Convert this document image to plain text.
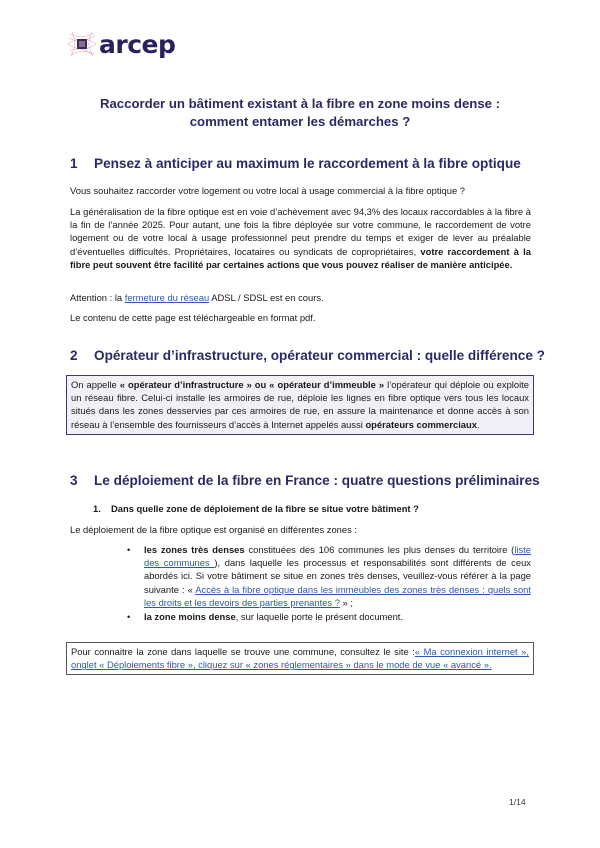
arcep
Raccorder un bâtiment existant à la fibre en zone moins dense : comment entamer les démarches ?
1 Pensez à anticiper au maximum le raccordement à la fibre optique

Vous souhaitez raccorder votre logement ou votre local à usage commercial à la fibre optique ?

La généralisation de la fibre optique est en voie d’achèvement avec 94,3% des locaux raccordables à la fibre à la fin de l’année 2025. Pour autant, une fois la fibre déployée sur votre commune, le raccordement de votre logement ou de votre local à usage professionnel peut prendre du temps et exiger de lever au préalable d’éventuelles difficultés. Propriétaires, locataires ou syndicats de copropriétaires, votre raccordement à la fibre peut souvent être facilité par certaines actions que vous pouvez réaliser de manière anticipée.

Attention : la fermeture du réseau ADSL / SDSL est en cours.

Le contenu de cette page est téléchargeable en format pdf.

2 Opérateur d’infrastructure, opérateur commercial : quelle différence ?
On appelle « opérateur d’infrastructure » ou « opérateur d’immeuble » l’opérateur qui déploie ou exploite un réseau fibre. Celui-ci installe les armoires de rue, déploie les lignes en fibre optique vers tous les locaux situés dans les zones desservies par ces armoires de rue, en assure la maintenance et donne accès à son réseau à l’ensemble des fournisseurs d’accès à Internet appelés aussi opérateurs commerciaux.
3 Le déploiement de la fibre en France : quatre questions préliminaires
1. Dans quelle zone de déploiement de la fibre se situe votre bâtiment ?

Le déploiement de la fibre optique est organisé en différentes zones :

• les zones très denses constituées des 106 communes les plus denses du territoire (liste des communes ), dans laquelle les processus et responsabilités sont différents de ceux abordés ici. Si votre bâtiment se situe en zones très denses, veuillez-vous référer à la page suivante : « Accès à la fibre optique dans les immeubles des zones très denses : quels sont les droits et les devoirs des parties prenantes ? » ;
• la zone moins dense, sur laquelle porte le présent document.
Pour connaitre la zone dans laquelle se trouve une commune, consultez le site :« Ma connexion internet », onglet « Déploiements fibre », cliquez sur « zones réglementaires » dans le mode de vue « avancé ».
1/14
